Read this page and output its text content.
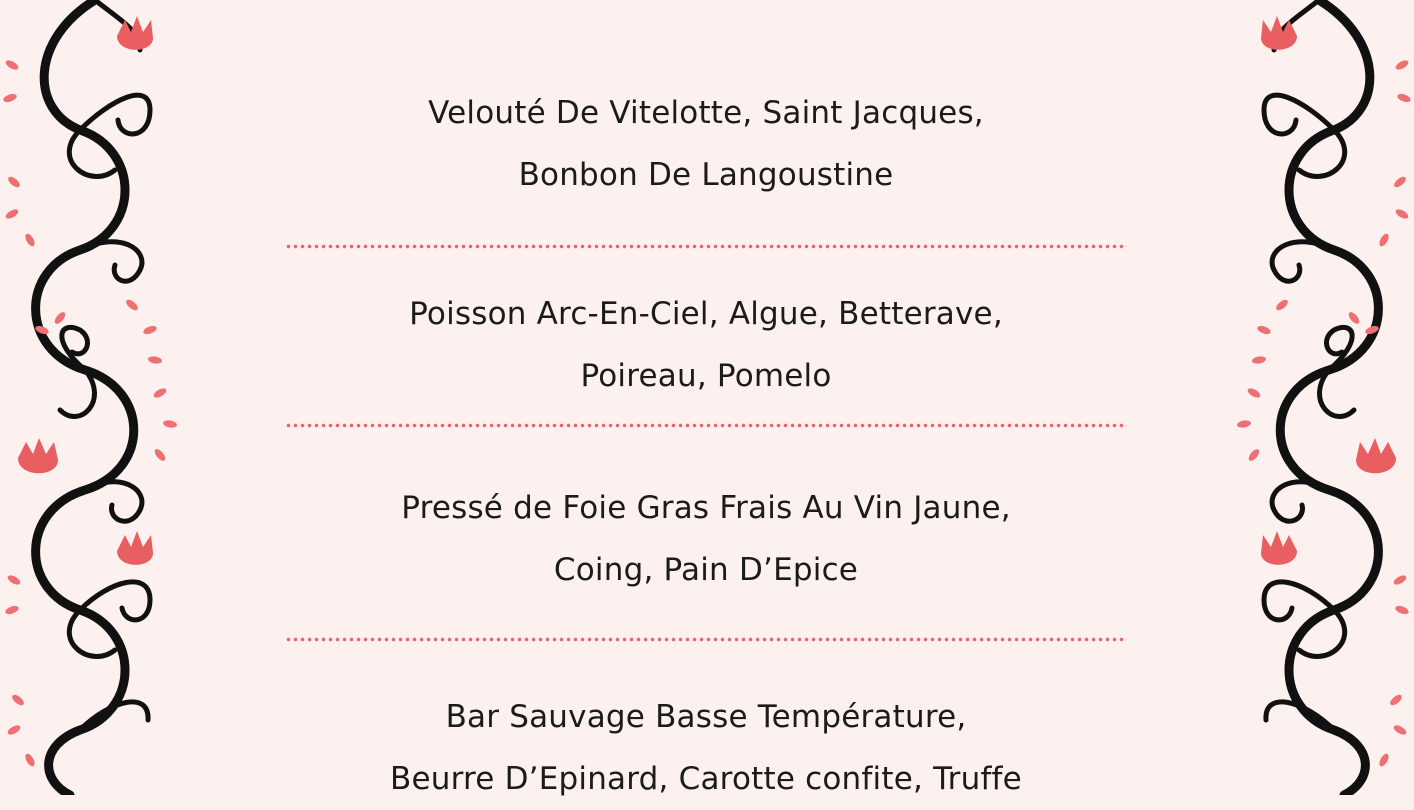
Velouté De Vitelotte, Saint Jacques,
Bonbon De Langoustine
Poisson Arc-En-Ciel, Algue, Betterave,
Poireau, Pomelo
Pressé de Foie Gras Frais Au Vin Jaune,
Coing, Pain D’Epice
Bar Sauvage Basse Température,
Beurre D’Epinard, Carotte confite, Truffe
